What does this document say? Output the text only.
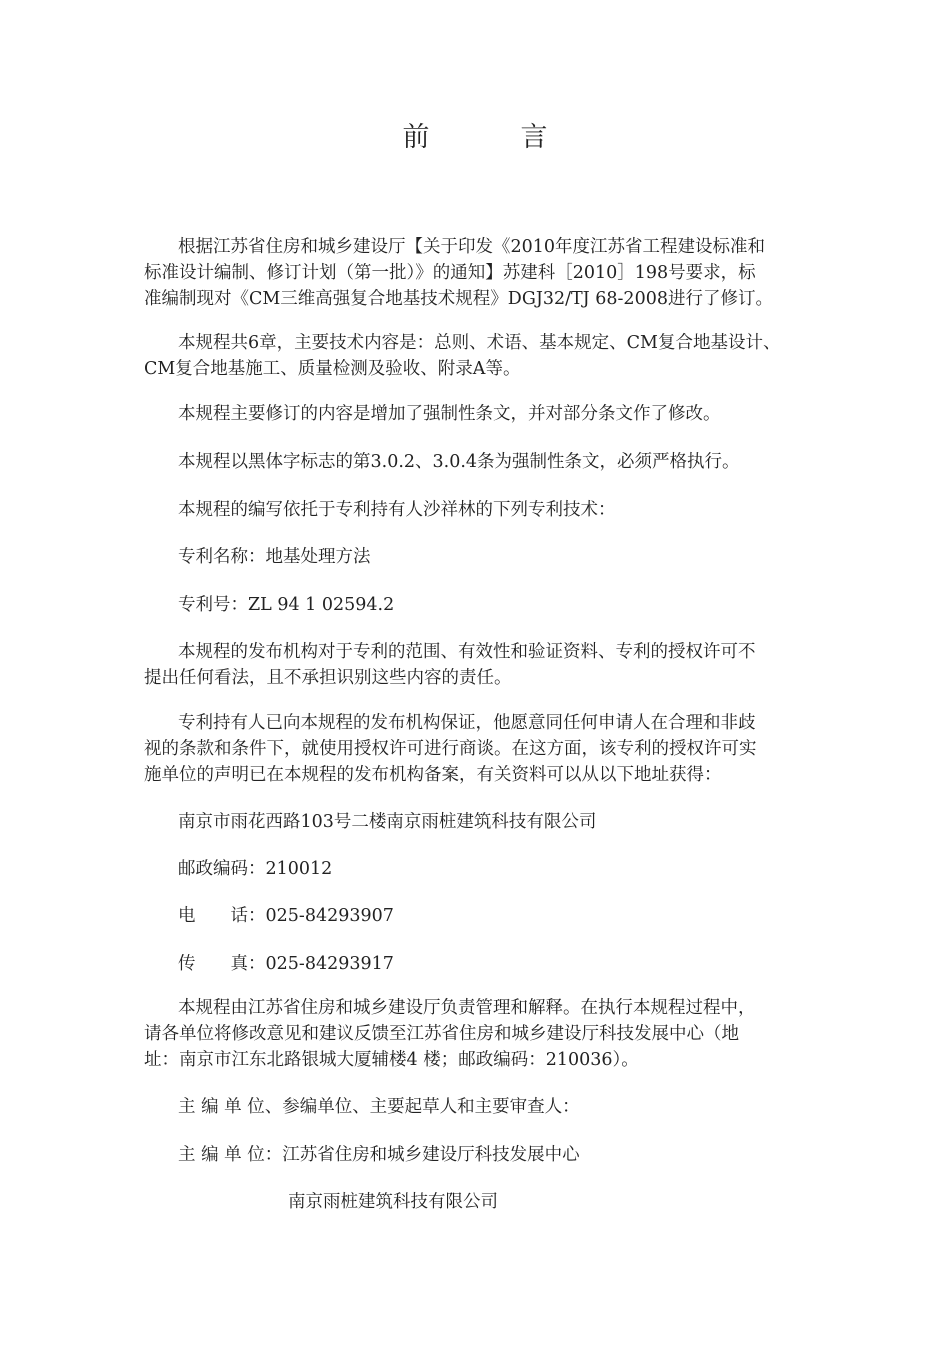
前　言

根据江苏省住房和城乡建设厅【关于印发《2010年度江苏省工程建设标准和

标准设计编制、修订计划（第一批）》的通知】苏建科［2010］198号要求，标

准编制现对《CM三维高强复合地基技术规程》DGJ32/TJ 68-2008进行了修订。

本规程共6章，主要技术内容是：总则、术语、基本规定、CM复合地基设计、

CM复合地基施工、质量检测及验收、附录A等。

本规程主要修订的内容是增加了强制性条文，并对部分条文作了修改。

本规程以黑体字标志的第3.0.2、3.0.4条为强制性条文，必须严格执行。

本规程的编写依托于专利持有人沙祥林的下列专利技术：

专利名称：地基处理方法

专利号：ZL 94 1 02594.2

本规程的发布机构对于专利的范围、有效性和验证资料、专利的授权许可不

提出任何看法，且不承担识别这些内容的责任。

专利持有人已向本规程的发布机构保证，他愿意同任何申请人在合理和非歧

视的条款和条件下，就使用授权许可进行商谈。在这方面，该专利的授权许可实

施单位的声明已在本规程的发布机构备案，有关资料可以从以下地址获得：

南京市雨花西路103号二楼南京雨桩建筑科技有限公司

邮政编码：210012

电　　话：025-84293907

传　　真：025-84293917

本规程由江苏省住房和城乡建设厅负责管理和解释。在执行本规程过程中，

请各单位将修改意见和建议反馈至江苏省住房和城乡建设厅科技发展中心（地

址：南京市江东北路银城大厦辅楼4 楼；邮政编码：210036）。

主 编 单 位、参编单位、主要起草人和主要审查人：

主 编 单 位：江苏省住房和城乡建设厅科技发展中心

南京雨桩建筑科技有限公司
